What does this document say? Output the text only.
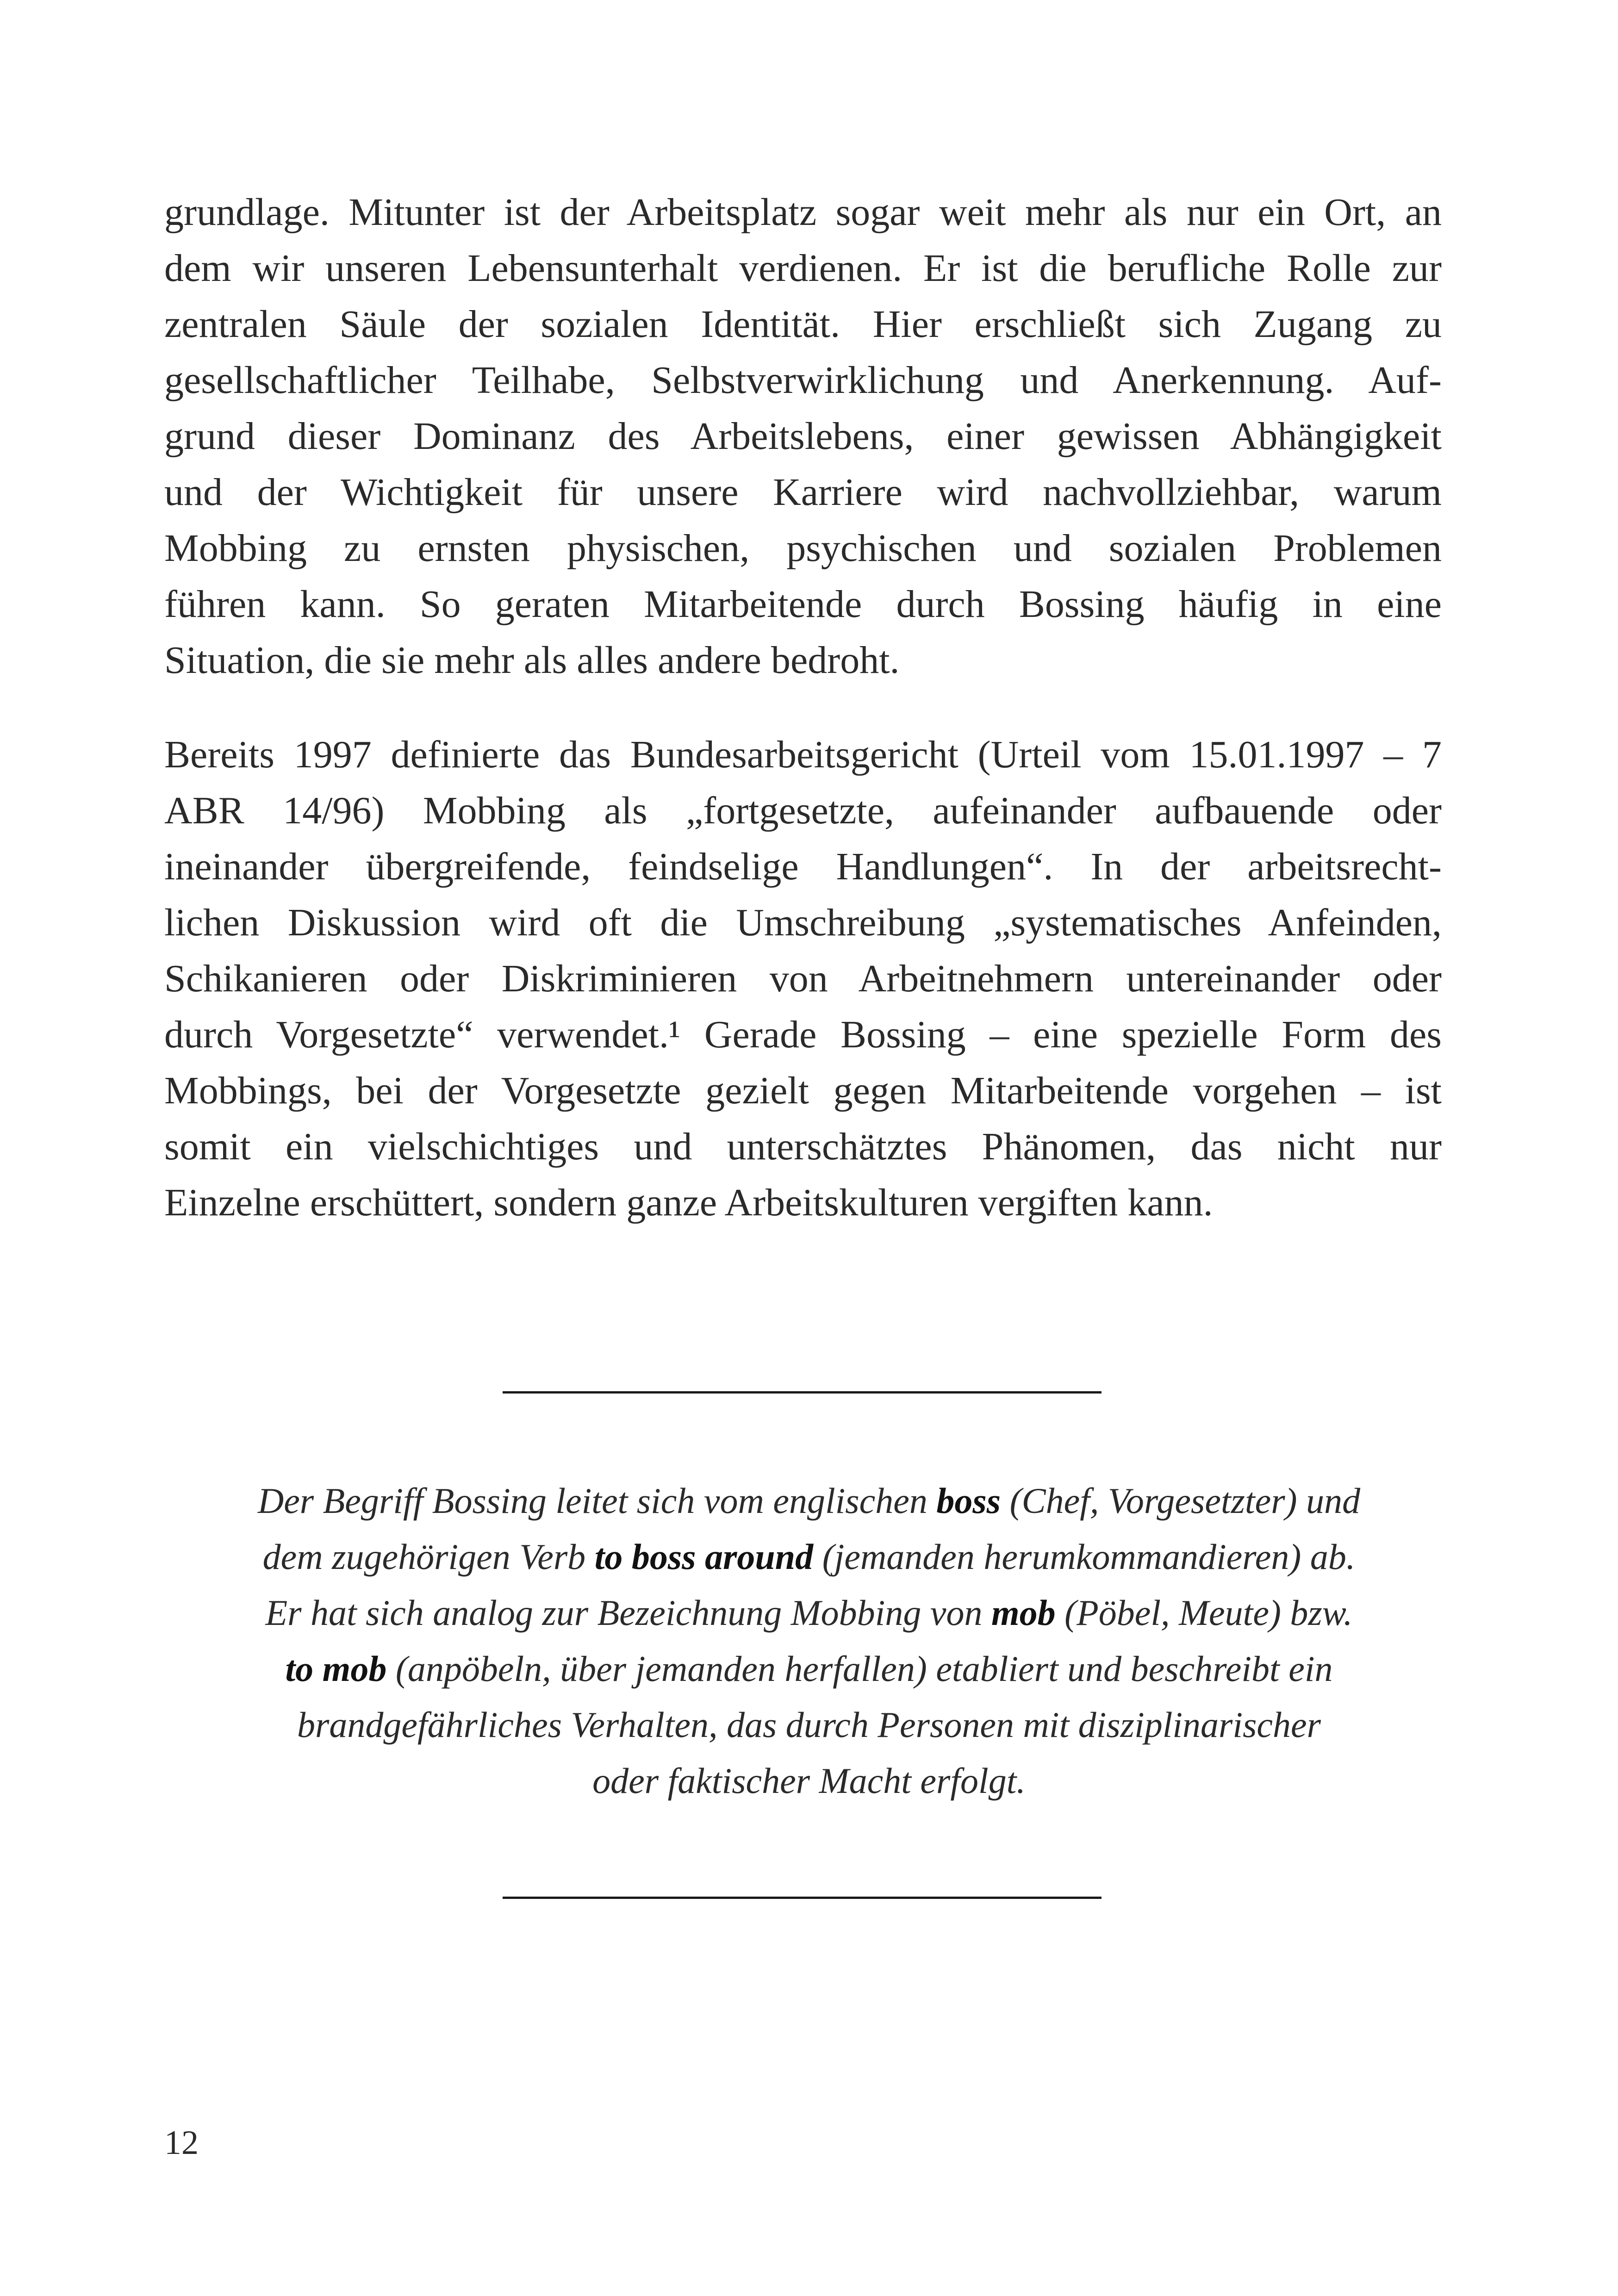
grundlage. Mitunter ist der Arbeitsplatz sogar weit mehr als nur ein Ort, an
dem wir unseren Lebensunterhalt verdienen. Er ist die berufliche Rolle zur
zentralen Säule der sozialen Identität. Hier erschließt sich Zugang zu
gesellschaftlicher Teilhabe, Selbstverwirklichung und Anerkennung. Auf-
grund dieser Dominanz des Arbeitslebens, einer gewissen Abhängigkeit
und der Wichtigkeit für unsere Karriere wird nachvollziehbar, warum
Mobbing zu ernsten physischen, psychischen und sozialen Problemen
führen kann. So geraten Mitarbeitende durch Bossing häufig in eine
Situation, die sie mehr als alles andere bedroht.
Bereits 1997 definierte das Bundesarbeitsgericht (Urteil vom 15.01.1997 – 7
ABR 14/96) Mobbing als „fortgesetzte, aufeinander aufbauende oder
ineinander übergreifende, feindselige Handlungen“. In der arbeitsrecht-
lichen Diskussion wird oft die Umschreibung „systematisches Anfeinden,
Schikanieren oder Diskriminieren von Arbeitnehmern untereinander oder
durch Vorgesetzte“ verwendet.¹ Gerade Bossing – eine spezielle Form des
Mobbings, bei der Vorgesetzte gezielt gegen Mitarbeitende vorgehen – ist
somit ein vielschichtiges und unterschätztes Phänomen, das nicht nur
Einzelne erschüttert, sondern ganze Arbeitskulturen vergiften kann.
Der Begriff Bossing leitet sich vom englischen boss (Chef, Vorgesetzter) und
dem zugehörigen Verb to boss around (jemanden herumkommandieren) ab.
Er hat sich analog zur Bezeichnung Mobbing von mob (Pöbel, Meute) bzw.
to mob (anpöbeln, über jemanden herfallen) etabliert und beschreibt ein
brandgefährliches Verhalten, das durch Personen mit disziplinarischer
oder faktischer Macht erfolgt.
12
